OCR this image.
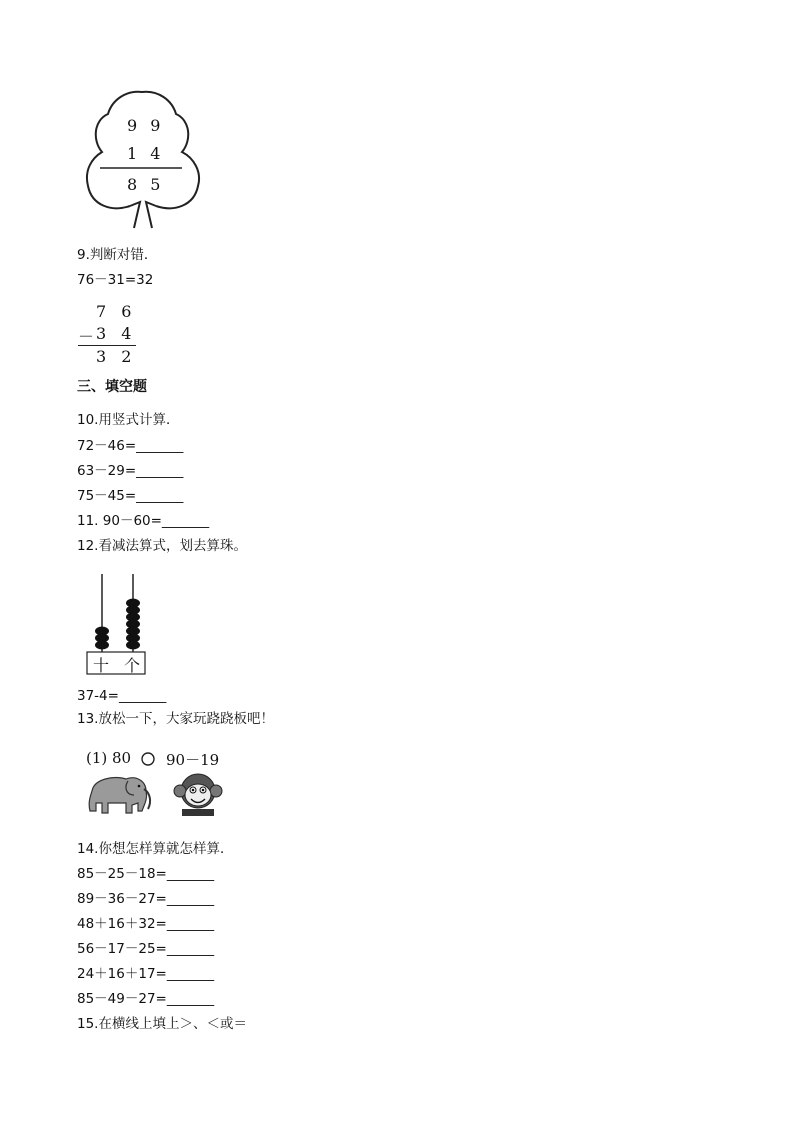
9 9
1 4
8 5
9.判断对错．
76－31=32
7 6
－ 3 4
3 2
三、填空题
10.用竖式计算．
72－46=_______
63－29=_______
75－45=_______
11. 90－60=_______
12.看减法算式，划去算珠。
十 个
37-4=_______
13.放松一下，大家玩跷跷板吧！
(1) 80 90－19
14.你想怎样算就怎样算．
85－25－18=_______
89－36－27=_______
48＋16＋32=_______
56－17－25=_______
24＋16＋17=_______
85－49－27=_______
15.在横线上填上＞、＜或＝
